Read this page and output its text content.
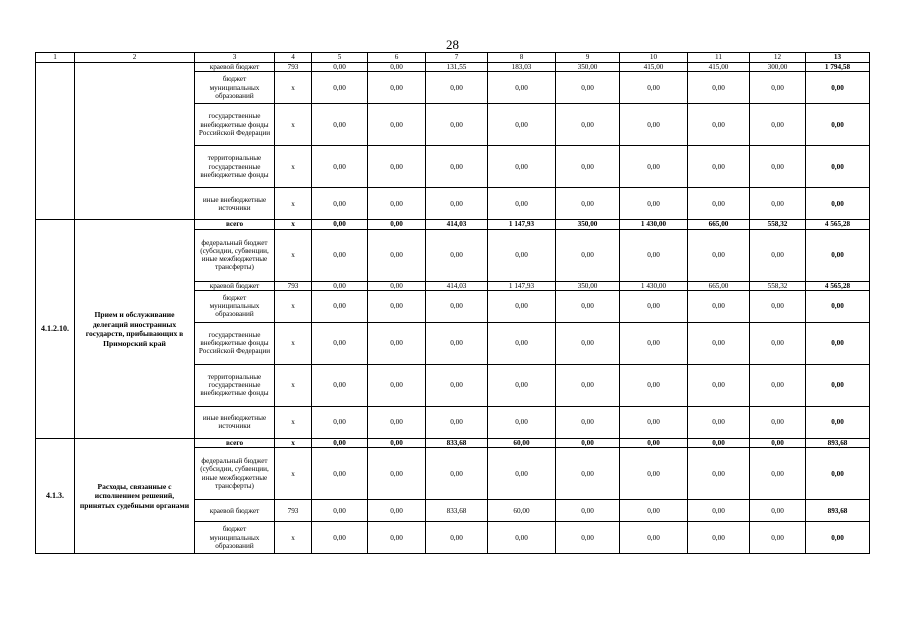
28
1	2	3	4	5	6	7	8	9	10	11	12	13
		краевой бюджет	793	0,00	0,00	131,55	183,03	350,00	415,00	415,00	300,00	1 794,58
		бюджет муниципальных образований	x	0,00	0,00	0,00	0,00	0,00	0,00	0,00	0,00	0,00
		государственные внебюджетные фонды Российской Федерации	x	0,00	0,00	0,00	0,00	0,00	0,00	0,00	0,00	0,00
		территориальные государственные внебюджетные фонды	x	0,00	0,00	0,00	0,00	0,00	0,00	0,00	0,00	0,00
		иные внебюджетные источники	x	0,00	0,00	0,00	0,00	0,00	0,00	0,00	0,00	0,00
4.1.2.10.	Прием и обслуживание делегаций иностранных государств, прибывающих в Приморский край	всего	x	0,00	0,00	414,03	1 147,93	350,00	1 430,00	665,00	558,32	4 565,28
		федеральный бюджет (субсидии, субвенции, иные межбюджетные трансферты)	x	0,00	0,00	0,00	0,00	0,00	0,00	0,00	0,00	0,00
		краевой бюджет	793	0,00	0,00	414,03	1 147,93	350,00	1 430,00	665,00	558,32	4 565,28
		бюджет муниципальных образований	x	0,00	0,00	0,00	0,00	0,00	0,00	0,00	0,00	0,00
		государственные внебюджетные фонды Российской Федерации	x	0,00	0,00	0,00	0,00	0,00	0,00	0,00	0,00	0,00
		территориальные государственные внебюджетные фонды	x	0,00	0,00	0,00	0,00	0,00	0,00	0,00	0,00	0,00
		иные внебюджетные источники	x	0,00	0,00	0,00	0,00	0,00	0,00	0,00	0,00	0,00
4.1.3.	Расходы, связанные с исполнением решений, принятых судебными органами	всего	x	0,00	0,00	833,68	60,00	0,00	0,00	0,00	0,00	893,68
		федеральный бюджет (субсидии, субвенции, иные межбюджетные трансферты)	x	0,00	0,00	0,00	0,00	0,00	0,00	0,00	0,00	0,00
		краевой бюджет	793	0,00	0,00	833,68	60,00	0,00	0,00	0,00	0,00	893,68
		бюджет муниципальных образований	x	0,00	0,00	0,00	0,00	0,00	0,00	0,00	0,00	0,00
